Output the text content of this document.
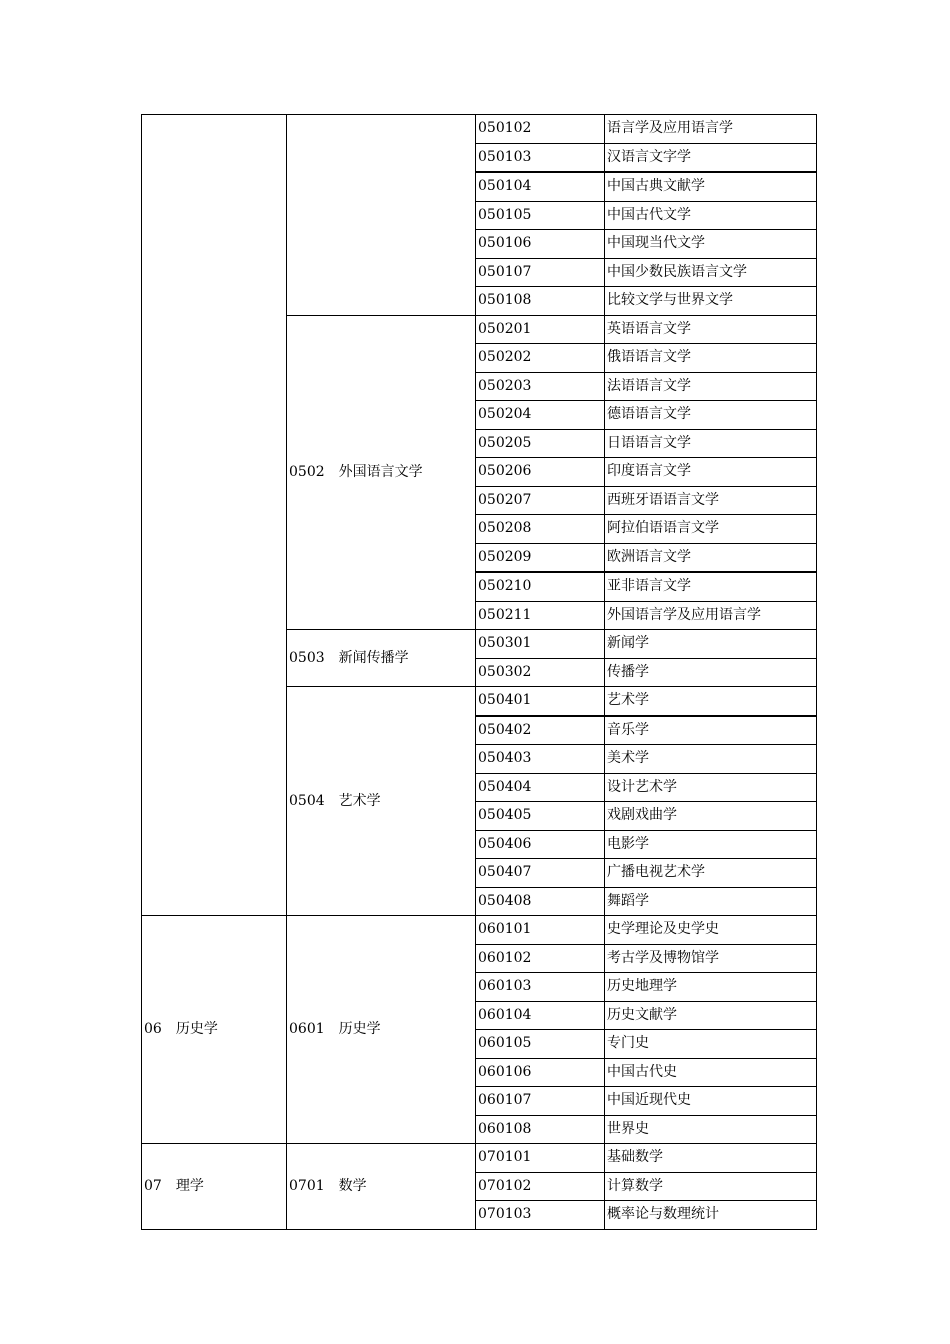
		050102	语言学及应用语言学
		050103	汉语言文字学
		050104	中国古典文献学
		050105	中国古代文学
		050106	中国现当代文学
		050107	中国少数民族语言文学
		050108	比较文学与世界文学
	0502 外国语言文学	050201	英语语言文学
		050202	俄语语言文学
		050203	法语语言文学
		050204	德语语言文学
		050205	日语语言文学
		050206	印度语言文学
		050207	西班牙语语言文学
		050208	阿拉伯语语言文学
		050209	欧洲语言文学
		050210	亚非语言文学
		050211	外国语言学及应用语言学
	0503 新闻传播学	050301	新闻学
		050302	传播学
	0504 艺术学	050401	艺术学
		050402	音乐学
		050403	美术学
		050404	设计艺术学
		050405	戏剧戏曲学
		050406	电影学
		050407	广播电视艺术学
		050408	舞蹈学
06 历史学	0601 历史学	060101	史学理论及史学史
		060102	考古学及博物馆学
		060103	历史地理学
		060104	历史文献学
		060105	专门史
		060106	中国古代史
		060107	中国近现代史
		060108	世界史
07 理学	0701 数学	070101	基础数学
		070102	计算数学
		070103	概率论与数理统计
